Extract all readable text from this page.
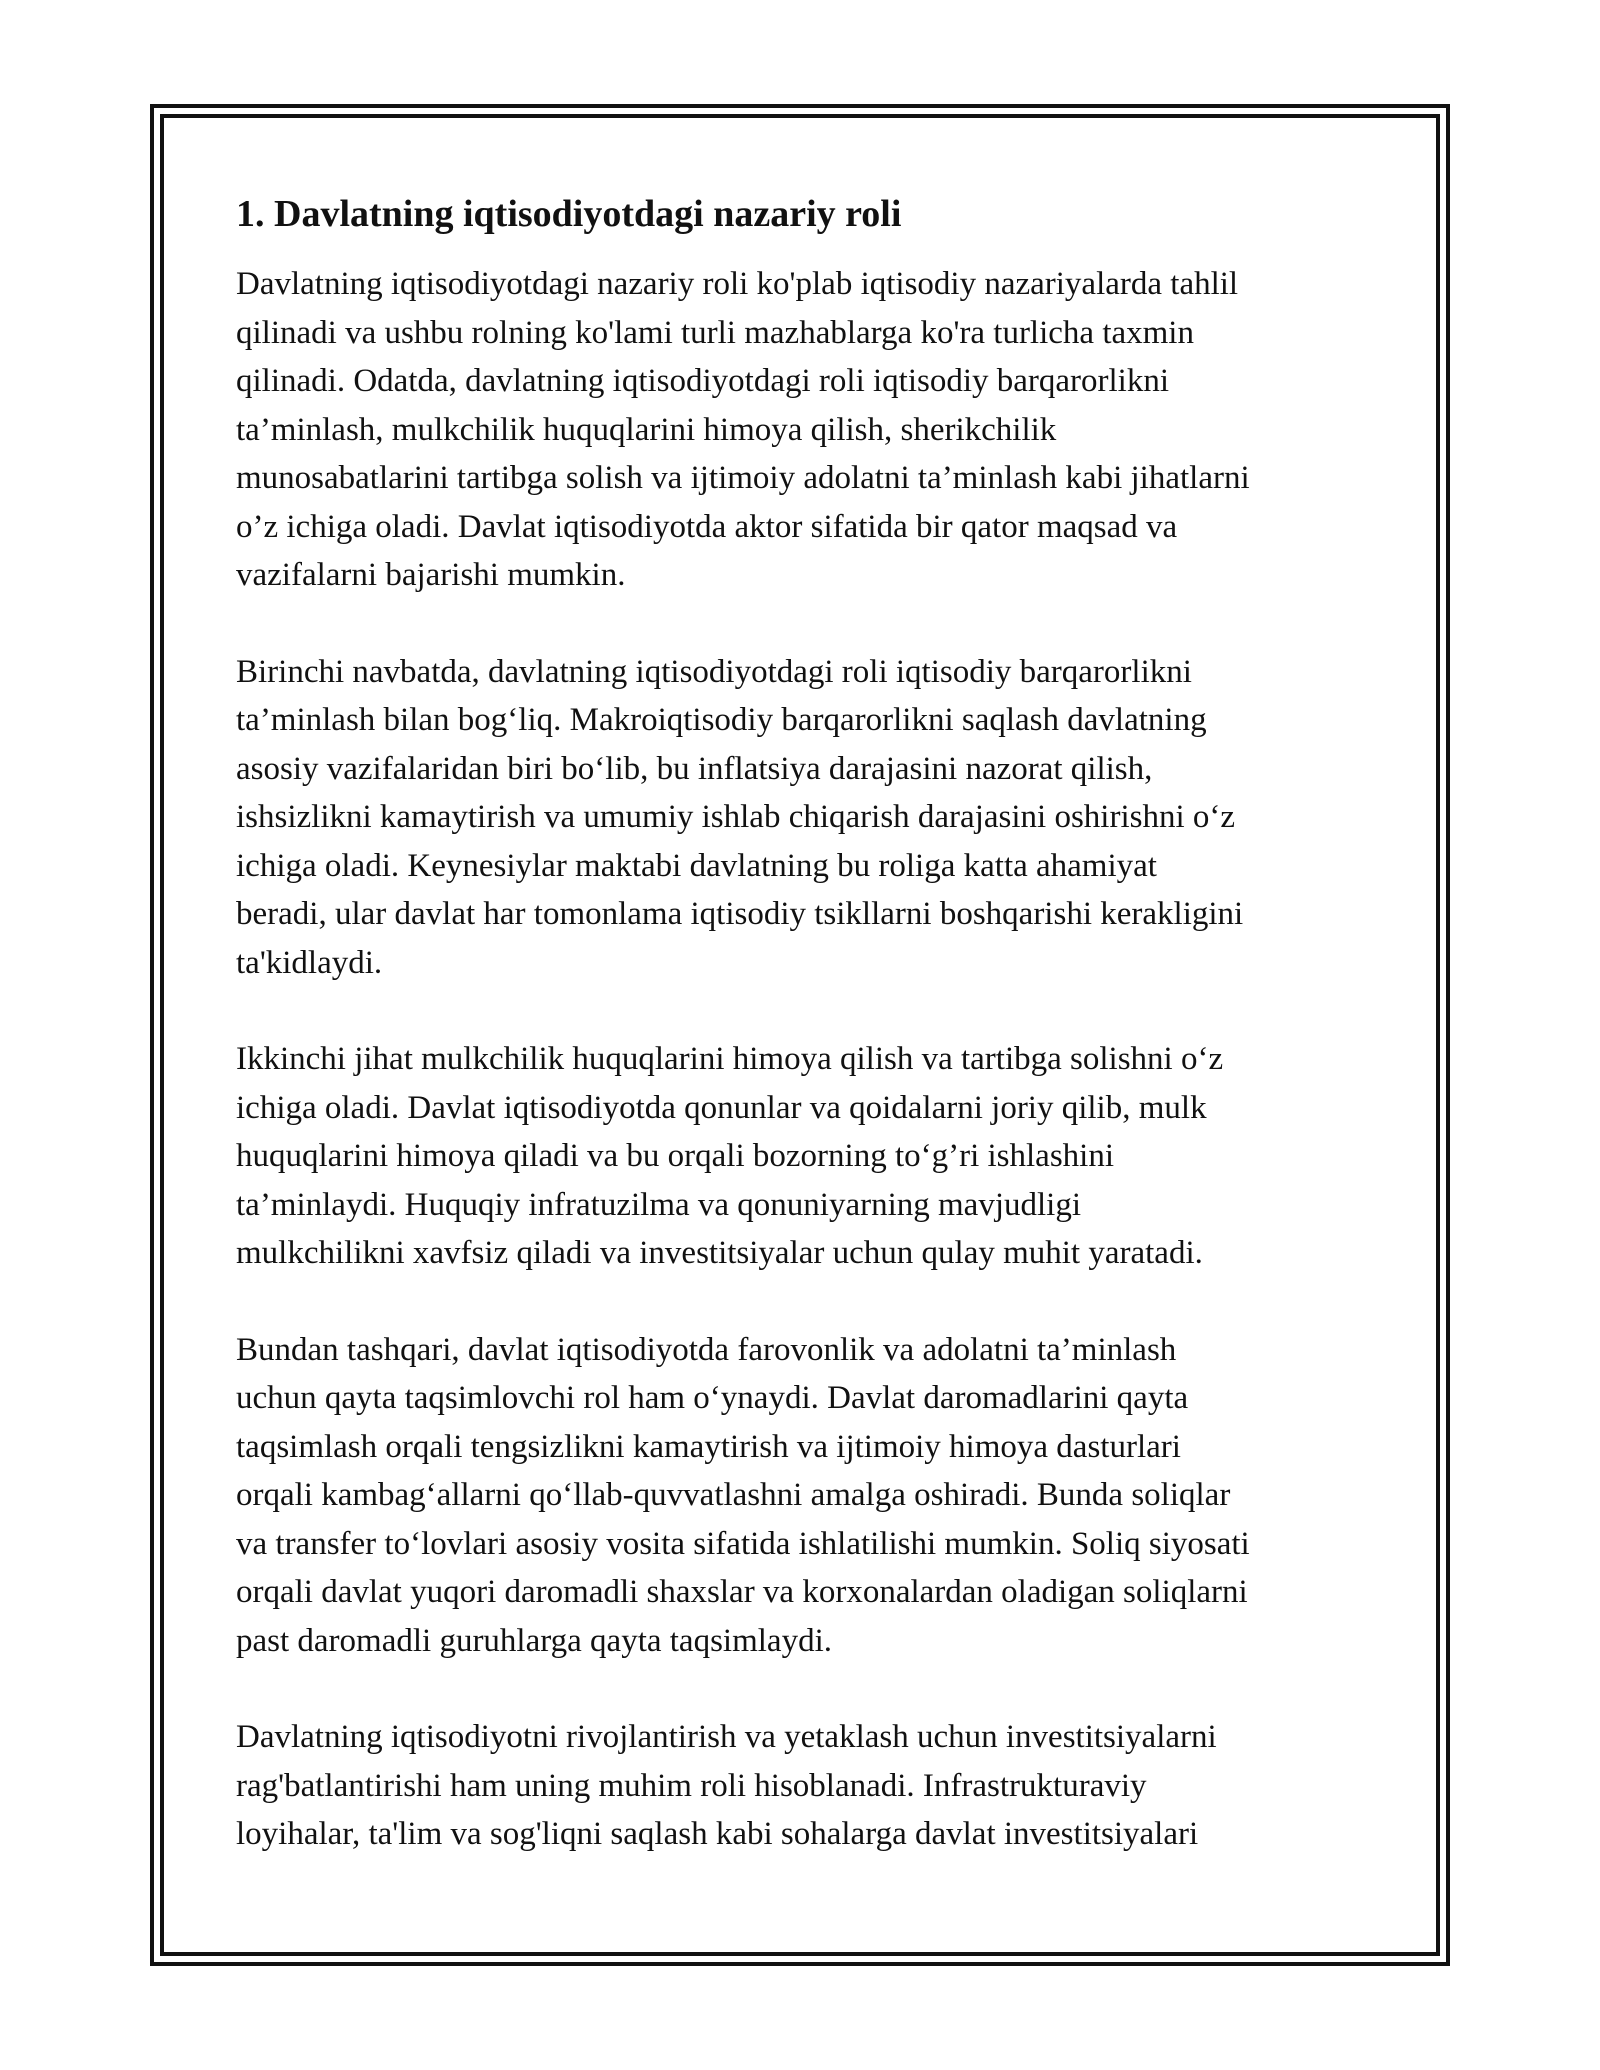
1. Davlatning iqtisodiyotdagi nazariy roli

Davlatning iqtisodiyotdagi nazariy roli ko'plab iqtisodiy nazariyalarda tahlil
qilinadi va ushbu rolning ko'lami turli mazhablarga ko'ra turlicha taxmin
qilinadi. Odatda, davlatning iqtisodiyotdagi roli iqtisodiy barqarorlikni
ta’minlash, mulkchilik huquqlarini himoya qilish, sherikchilik
munosabatlarini tartibga solish va ijtimoiy adolatni ta’minlash kabi jihatlarni
o’z ichiga oladi. Davlat iqtisodiyotda aktor sifatida bir qator maqsad va
vazifalarni bajarishi mumkin.

Birinchi navbatda, davlatning iqtisodiyotdagi roli iqtisodiy barqarorlikni
ta’minlash bilan bog‘liq. Makroiqtisodiy barqarorlikni saqlash davlatning
asosiy vazifalaridan biri bo‘lib, bu inflatsiya darajasini nazorat qilish,
ishsizlikni kamaytirish va umumiy ishlab chiqarish darajasini oshirishni o‘z
ichiga oladi. Keynesiylar maktabi davlatning bu roliga katta ahamiyat
beradi, ular davlat har tomonlama iqtisodiy tsikllarni boshqarishi kerakligini
ta'kidlaydi.

Ikkinchi jihat mulkchilik huquqlarini himoya qilish va tartibga solishni o‘z
ichiga oladi. Davlat iqtisodiyotda qonunlar va qoidalarni joriy qilib, mulk
huquqlarini himoya qiladi va bu orqali bozorning to‘g’ri ishlashini
ta’minlaydi. Huquqiy infratuzilma va qonuniyarning mavjudligi
mulkchilikni xavfsiz qiladi va investitsiyalar uchun qulay muhit yaratadi.

Bundan tashqari, davlat iqtisodiyotda farovonlik va adolatni ta’minlash
uchun qayta taqsimlovchi rol ham o‘ynaydi. Davlat daromadlarini qayta
taqsimlash orqali tengsizlikni kamaytirish va ijtimoiy himoya dasturlari
orqali kambag‘allarni qo‘llab-quvvatlashni amalga oshiradi. Bunda soliqlar
va transfer to‘lovlari asosiy vosita sifatida ishlatilishi mumkin. Soliq siyosati
orqali davlat yuqori daromadli shaxslar va korxonalardan oladigan soliqlarni
past daromadli guruhlarga qayta taqsimlaydi.

Davlatning iqtisodiyotni rivojlantirish va yetaklash uchun investitsiyalarni
rag'batlantirishi ham uning muhim roli hisoblanadi. Infrastrukturaviy
loyihalar, ta'lim va sog'liqni saqlash kabi sohalarga davlat investitsiyalari
